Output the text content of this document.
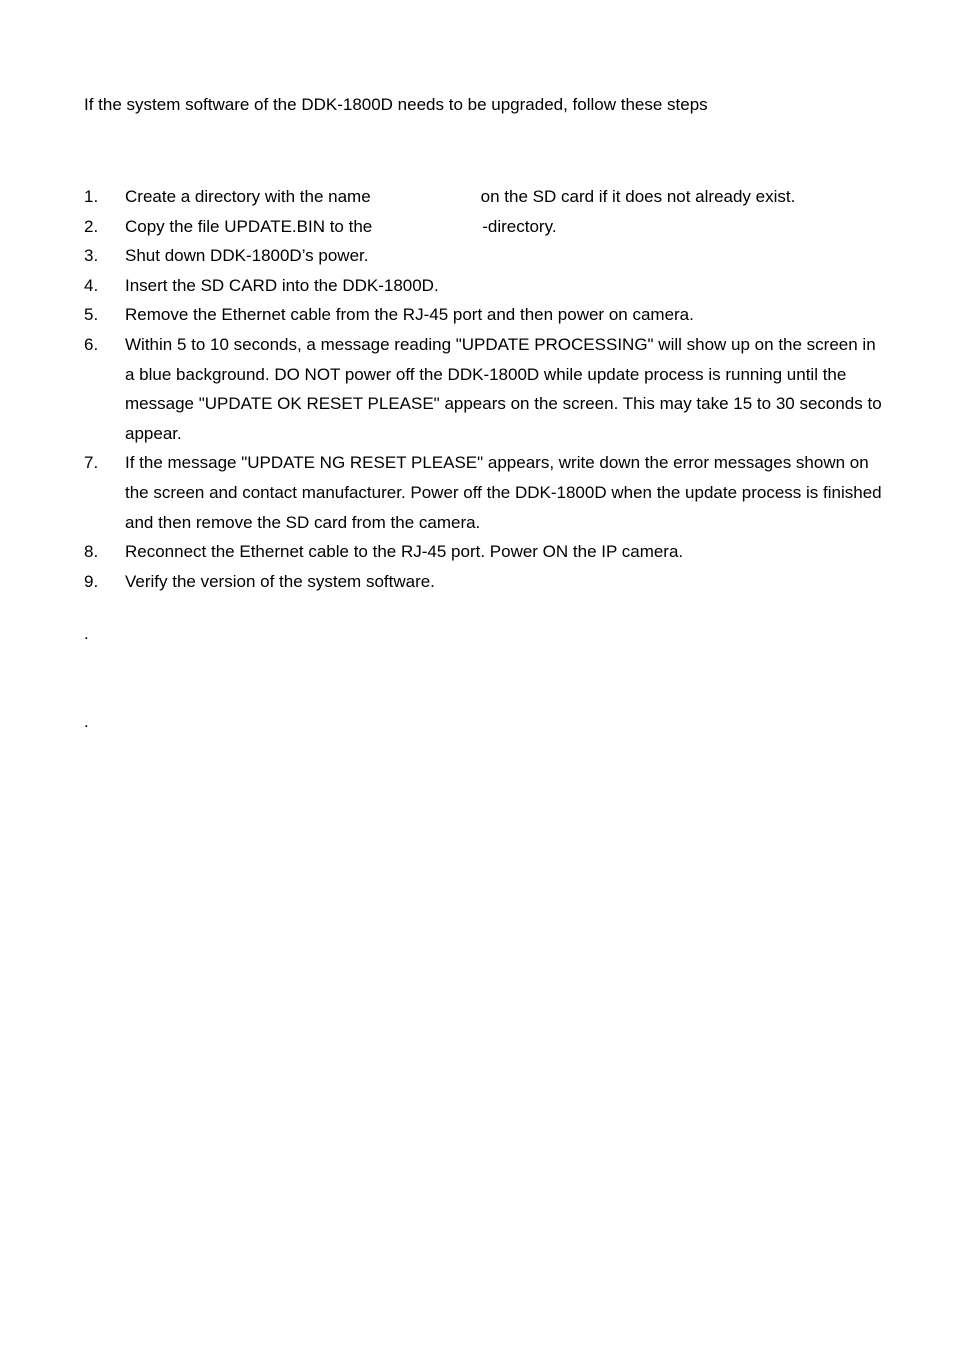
If the system software of the DDK-1800D needs to be upgraded, follow these steps

1. Create a directory with the name	on the SD card if it does not already exist.
2. Copy the file UPDATE.BIN to the	-directory.
3. Shut down DDK-1800D’s power.
4. Insert the SD CARD into the DDK-1800D.
5. Remove the Ethernet cable from the RJ-45 port and then power on camera.
6. Within 5 to 10 seconds, a message reading "UPDATE PROCESSING" will show up on the screen in a blue background. DO NOT power off the DDK-1800D while update process is running until the message "UPDATE OK RESET PLEASE" appears on the screen. This may take 15 to 30 seconds to appear.
7. If the message "UPDATE NG RESET PLEASE" appears, write down the error messages shown on the screen and contact manufacturer. Power off the DDK-1800D when the update process is finished and then remove the SD card from the camera.
8. Reconnect the Ethernet cable to the RJ-45 port. Power ON the IP camera.
9. Verify the version of the system software.

.

.
